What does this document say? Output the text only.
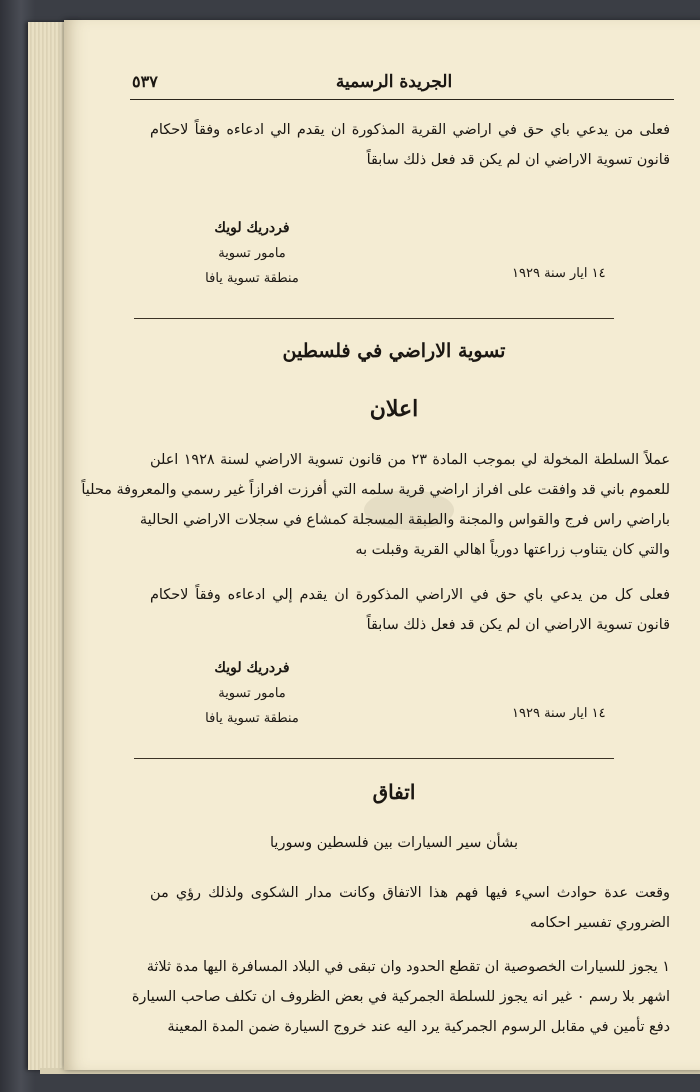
الجريدة الرسمية
٥٣٧
فعلى من يدعي باي حق في اراضي القرية المذكورة ان يقدم الي ادعاءه وفقاً لاحكام
قانون تسوية الاراضي ان لم يكن قد فعل ذلك سابقاً
فردريك لويك
مامور تسوية
منطقة تسوية يافا	١٤ ايار سنة ١٩٢٩
تسوية الاراضي في فلسطين
اعلان
عملاً السلطة المخولة لي بموجب المادة ٢٣ من قانون تسوية الاراضي لسنة ١٩٢٨ اعلن
للعموم باني قد وافقت على افراز اراضي قرية سلمه التي أفرزت افرازاً غير رسمي والمعروفة محلياً
باراضي راس فرج والقواس والمجنة والطبقة المسجلة كمشاع في سجلات الاراضي الحالية
والتي كان يتناوب زراعتها دورياً اهالي القرية وقبلت به
فعلى كل من يدعي باي حق في الاراضي المذكورة ان يقدم إلي ادعاءه وفقاً لاحكام
قانون تسوية الاراضي ان لم يكن قد فعل ذلك سابقاً
فردريك لويك
مامور تسوية
منطقة تسوية يافا	١٤ ايار سنة ١٩٢٩
اتفاق
بشأن سير السيارات بين فلسطين وسوريا
وقعت عدة حوادث اسيء فيها فهم هذا الاتفاق وكانت مدار الشكوى ولذلك رؤي من
الضروري تفسير احكامه
١ يجوز للسيارات الخصوصية ان تقطع الحدود وان تبقى في البلاد المسافرة اليها مدة ثلاثة
اشهر بلا رسم ٠ غير انه يجوز للسلطة الجمركية في بعض الظروف ان تكلف صاحب السيارة
دفع تأمين في مقابل الرسوم الجمركية يرد اليه عند خروج السيارة ضمن المدة المعينة
